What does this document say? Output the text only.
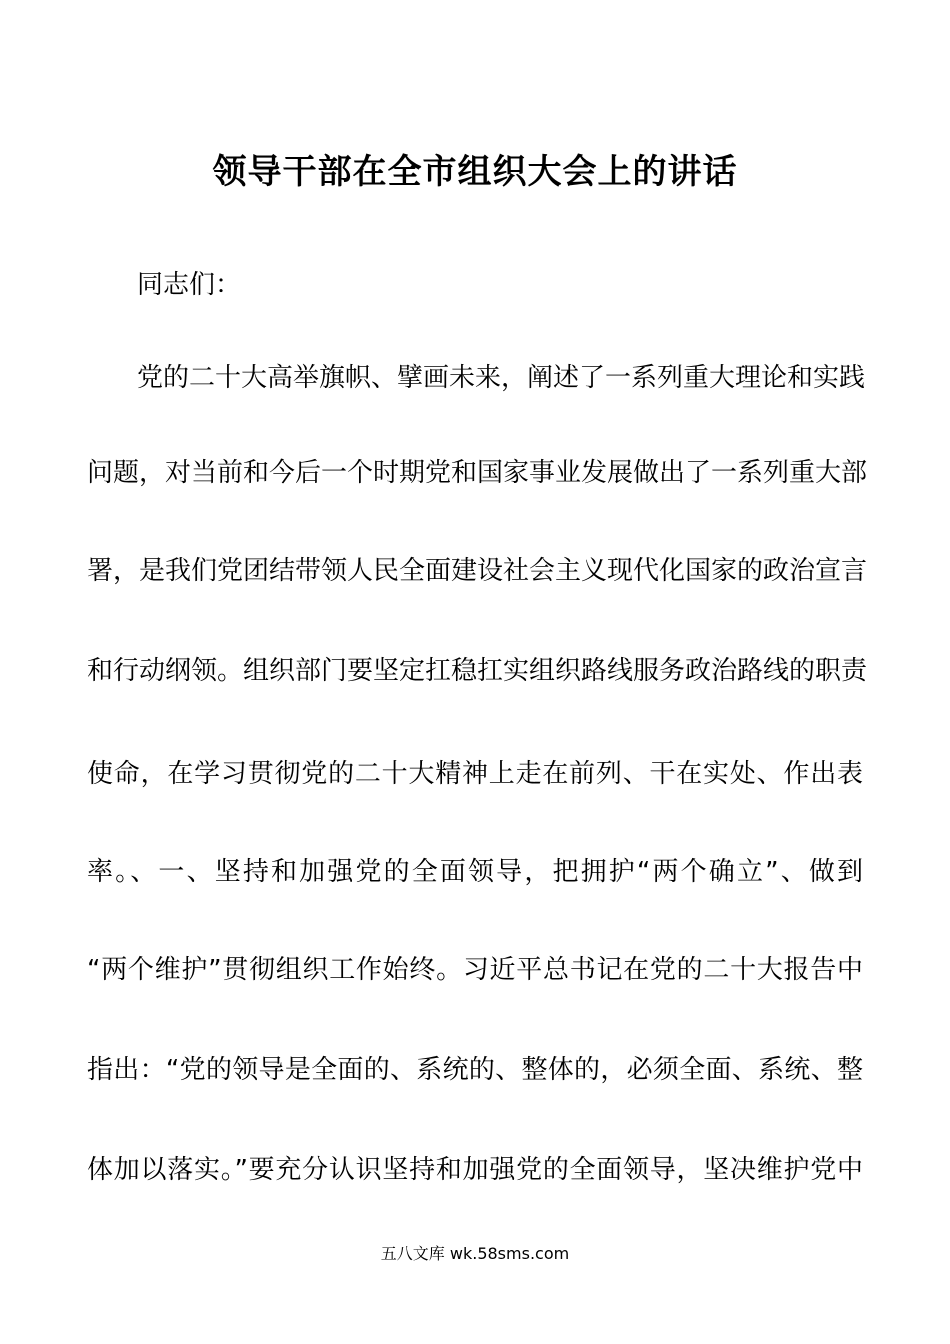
领导干部在全市组织大会上的讲话
同志们：
党的二十大高举旗帜、擘画未来，阐述了一系列重大理论和实践
问题，对当前和今后一个时期党和国家事业发展做出了一系列重大部
署，是我们党团结带领人民全面建设社会主义现代化国家的政治宣言
和行动纲领。组织部门要坚定扛稳扛实组织路线服务政治路线的职责
使命，在学习贯彻党的二十大精神上走在前列、干在实处、作出表
率。、一、坚持和加强党的全面领导，把拥护“两个确立”、做到
“两个维护”贯彻组织工作始终。习近平总书记在党的二十大报告中
指出：“党的领导是全面的、系统的、整体的，必须全面、系统、整
体加以落实。”要充分认识坚持和加强党的全面领导，坚决维护党中
五八文库 wk.58sms.com
